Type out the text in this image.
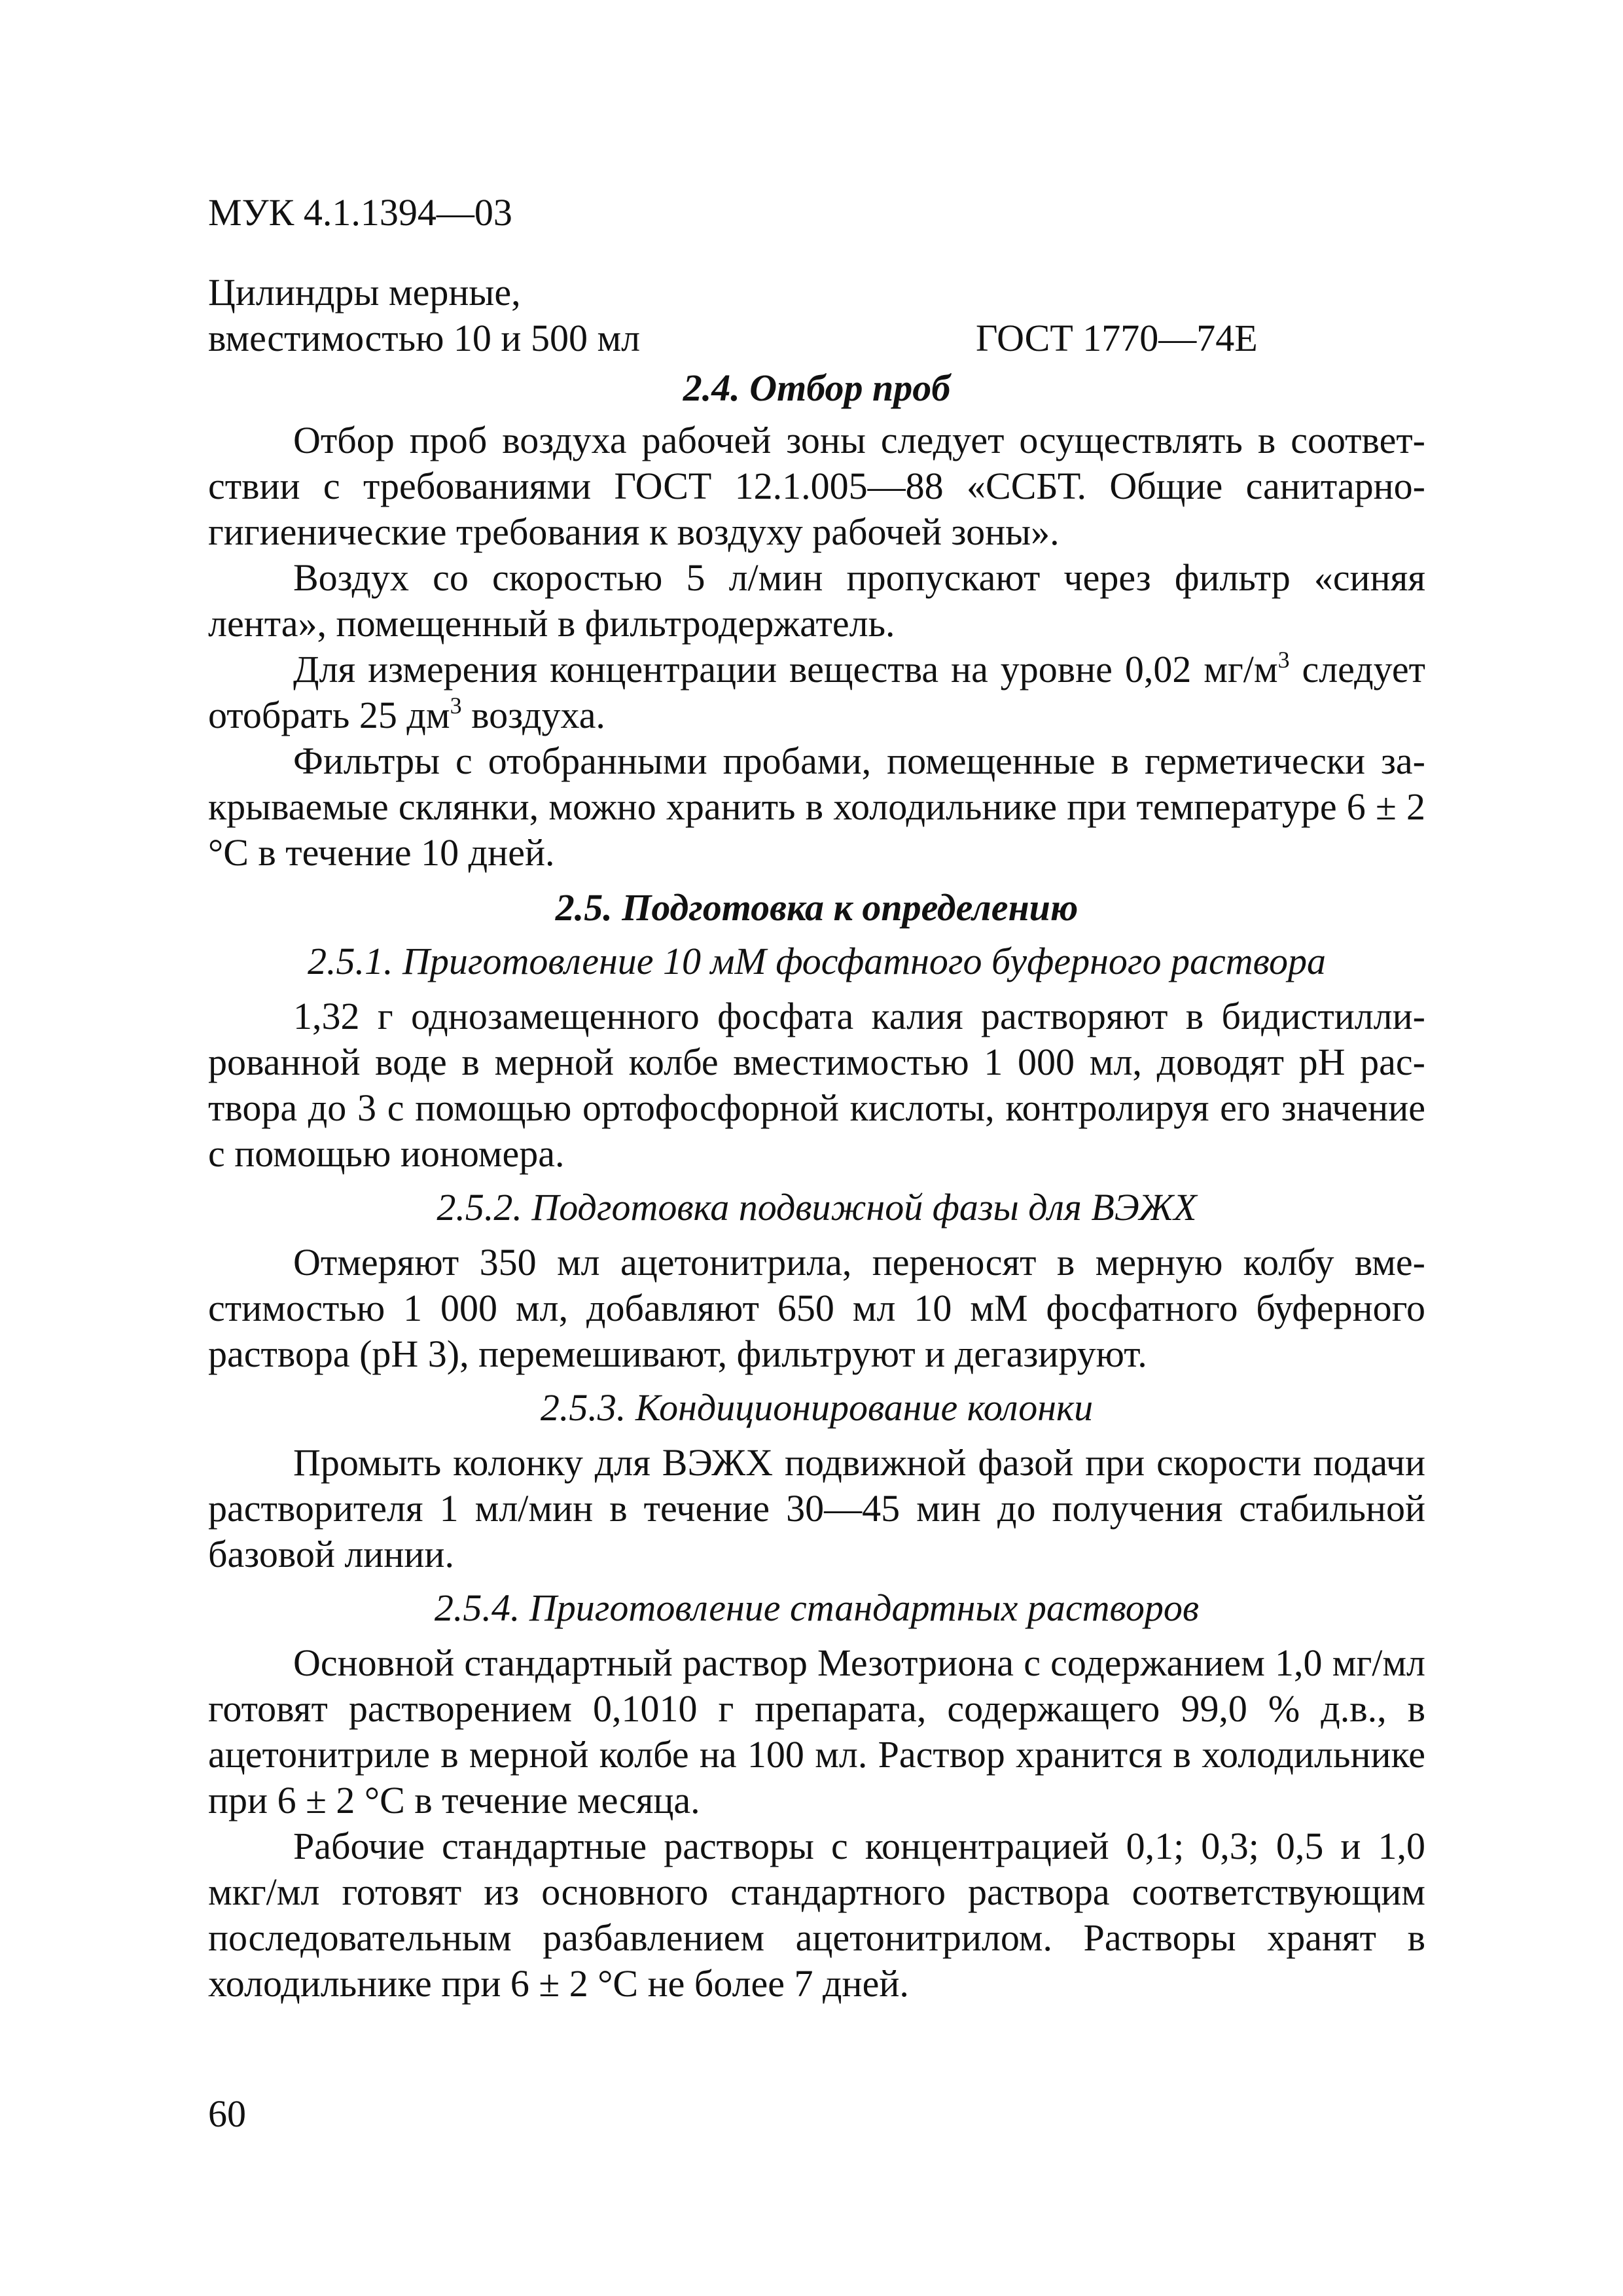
МУК 4.1.1394—03
Цилиндры мерные,
вместимостью 10 и 500 мл	ГОСТ 1770—74Е
2.4. Отбор проб

Отбор проб воздуха рабочей зоны следует осуществлять в соответствии с требованиями ГОСТ 12.1.005—88 «ССБТ. Общие санитарно-гигиенические требования к воздуху рабочей зоны».

Воздух со скоростью 5 л/мин пропускают через фильтр «синяя лента», помещенный в фильтродержатель.

Для измерения концентрации вещества на уровне 0,02 $мг/м^3$ следует отобрать 25 $дм^3$ воздуха.

Фильтры с отобранными пробами, помещенные в герметически закрываемые склянки, можно хранить в холодильнике при температуре 6 ± 2 °С в течение 10 дней.

2.5. Подготовка к определению
2.5.1. Приготовление 10 мМ фосфатного буферного раствора

1,32 г однозамещенного фосфата калия растворяют в бидистиллированной воде в мерной колбе вместимостью 1 000 мл, доводят рН раствора до 3 с помощью ортофосфорной кислоты, контролируя его значение с помощью иономера.

2.5.2. Подготовка подвижной фазы для ВЭЖХ

Отмеряют 350 мл ацетонитрила, переносят в мерную колбу вместимостью 1 000 мл, добавляют 650 мл 10 мМ фосфатного буферного раствора (рН 3), перемешивают, фильтруют и дегазируют.

2.5.3. Кондиционирование колонки

Промыть колонку для ВЭЖХ подвижной фазой при скорости подачи растворителя 1 мл/мин в течение 30—45 мин до получения стабильной базовой линии.

2.5.4. Приготовление стандартных растворов

Основной стандартный раствор Мезотриона с содержанием 1,0 мг/мл готовят растворением 0,1010 г препарата, содержащего 99,0 % д.в., в ацетонитриле в мерной колбе на 100 мл. Раствор хранится в холодильнике при 6 ± 2 °С в течение месяца.

Рабочие стандартные растворы с концентрацией 0,1; 0,3; 0,5 и 1,0 мкг/мл готовят из основного стандартного раствора соответствующим последовательным разбавлением ацетонитрилом. Растворы хранят в холодильнике при 6 ± 2 °С не более 7 дней.

60
